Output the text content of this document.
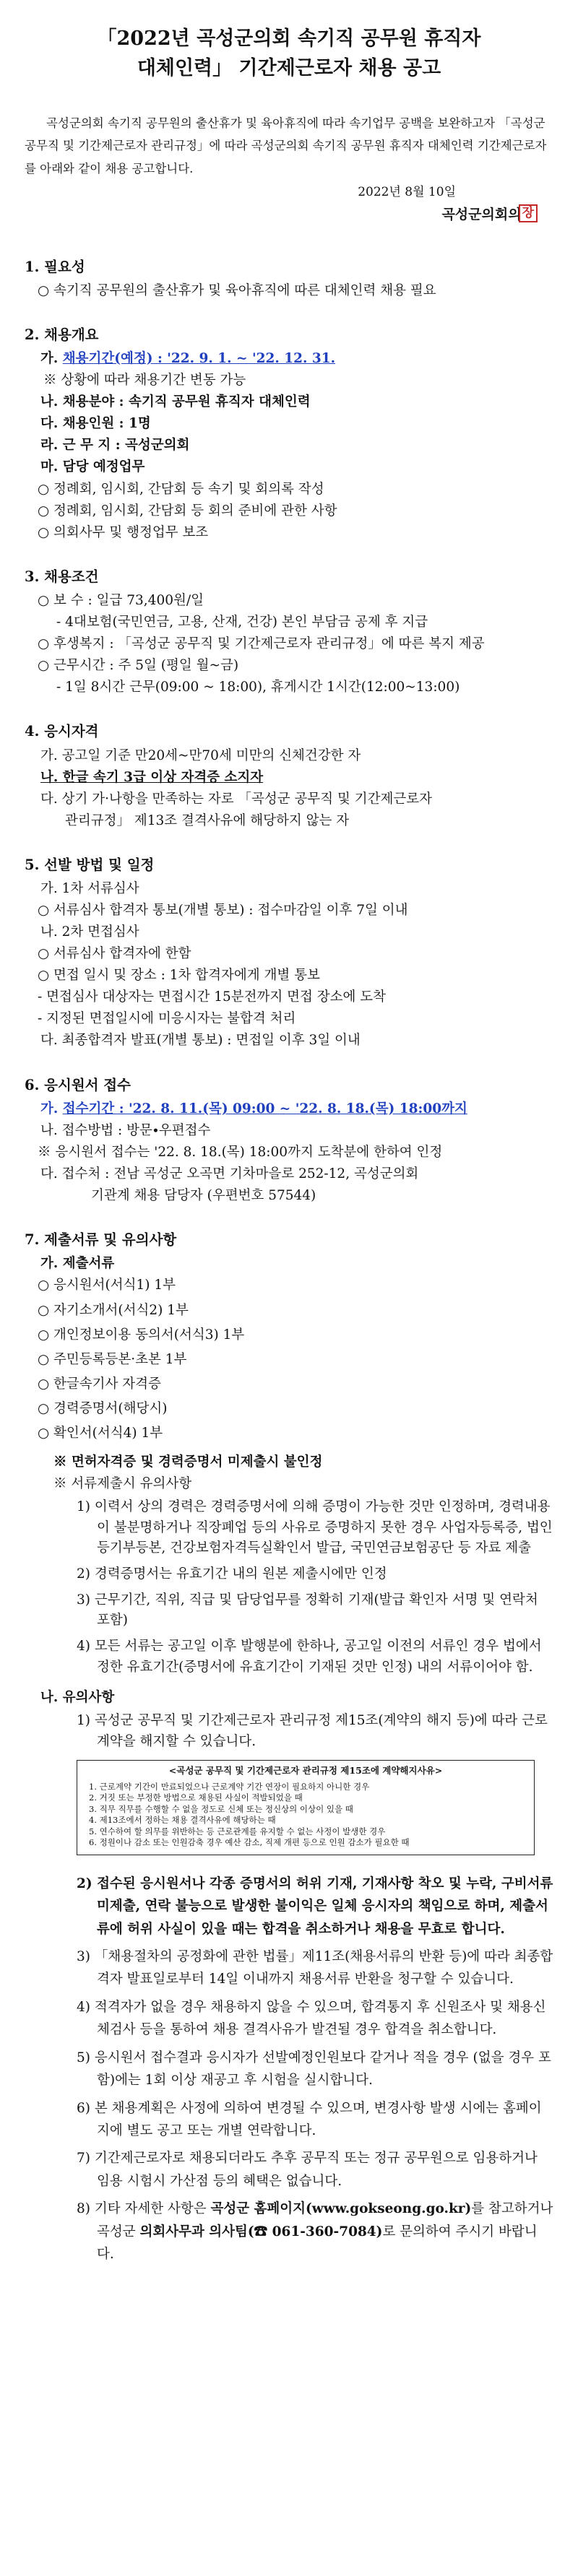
「2022년 곡성군의회 속기직 공무원 휴직자
대체인력」 기간제근로자 채용 공고

곡성군의회 속기직 공무원의 출산휴가 및 육아휴직에 따라 속기업무 공백을 보완하고자 「곡성군 공무직 및 기간제근로자 관리규정」에 따라 곡성군의회 속기직 공무원 휴직자 대체인력 기간제근로자를 아래와 같이 채용 공고합니다.

2022년 8월 10일
곡성군의회의장
1. 필요성
○ 속기직 공무원의 출산휴가 및 육아휴직에 따른 대체인력 채용 필요
2. 채용개요
가. 채용기간(예정) : '22. 9. 1. ~ '22. 12. 31.
※ 상황에 따라 채용기간 변동 가능
나. 채용분야 : 속기직 공무원 휴직자 대체인력
다. 채용인원 : 1명
라. 근 무 지 : 곡성군의회
마. 담당 예정업무
○ 정례회, 임시회, 간담회 등 속기 및 회의록 작성
○ 정례회, 임시회, 간담회 등 회의 준비에 관한 사항
○ 의회사무 및 행정업무 보조
3. 채용조건
○ 보 수 : 일급 73,400원/일
- 4대보험(국민연금, 고용, 산재, 건강) 본인 부담금 공제 후 지급
○ 후생복지 : 「곡성군 공무직 및 기간제근로자 관리규정」에 따른 복지 제공
○ 근무시간 : 주 5일 (평일 월~금)
- 1일 8시간 근무(09:00 ~ 18:00), 휴게시간 1시간(12:00~13:00)
4. 응시자격
가. 공고일 기준 만20세~만70세 미만의 신체건강한 자
나. 한글 속기 3급 이상 자격증 소지자
다. 상기 가·나항을 만족하는 자로 「곡성군 공무직 및 기간제근로자
관리규정」 제13조 결격사유에 해당하지 않는 자
5. 선발 방법 및 일정
가. 1차 서류심사
○ 서류심사 합격자 통보(개별 통보) : 접수마감일 이후 7일 이내
나. 2차 면접심사
○ 서류심사 합격자에 한함
○ 면접 일시 및 장소 : 1차 합격자에게 개별 통보
- 면접심사 대상자는 면접시간 15분전까지 면접 장소에 도착
- 지정된 면접일시에 미응시자는 불합격 처리
다. 최종합격자 발표(개별 통보) : 면접일 이후 3일 이내
6. 응시원서 접수
가. 접수기간 : '22. 8. 11.(목) 09:00 ~ '22. 8. 18.(목) 18:00까지
나. 접수방법 : 방문∙우편접수
※ 응시원서 접수는 '22. 8. 18.(목) 18:00까지 도착분에 한하여 인정
다. 접수처 : 전남 곡성군 오곡면 기차마을로 252-12, 곡성군의회
기관계 채용 담당자 (우편번호 57544)
7. 제출서류 및 유의사항
가. 제출서류
○ 응시원서(서식1) 1부
○ 자기소개서(서식2) 1부
○ 개인정보이용 동의서(서식3) 1부
○ 주민등록등본·초본 1부
○ 한글속기사 자격증
○ 경력증명서(해당시)
○ 확인서(서식4) 1부
※ 면허자격증 및 경력증명서 미제출시 불인정
※ 서류제출시 유의사항
1) 이력서 상의 경력은 경력증명서에 의해 증명이 가능한 것만 인정하며, 경력내용이 불분명하거나 직장폐업 등의 사유로 증명하지 못한 경우 사업자등록증, 법인등기부등본, 건강보험자격득실확인서 발급, 국민연금보험공단 등 자료 제출
2) 경력증명서는 유효기간 내의 원본 제출시에만 인정
3) 근무기간, 직위, 직급 및 담당업무를 정확히 기재(발급 확인자 서명 및 연락처 포함)
4) 모든 서류는 공고일 이후 발행분에 한하나, 공고일 이전의 서류인 경우 법에서 정한 유효기간(증명서에 유효기간이 기재된 것만 인정) 내의 서류이어야 함.
나. 유의사항
1) 곡성군 공무직 및 기간제근로자 관리규정 제15조(계약의 해지 등)에 따라 근로계약을 해지할 수 있습니다.
<곡성군 공무직 및 기간제근로자 관리규정 제15조에 계약해지사유>
1. 근로계약 기간이 만료되었으나 근로계약 기간 연장이 필요하지 아니한 경우
2. 거짓 또는 부정한 방법으로 채용된 사실이 적발되었을 때
3. 직무 직무를 수행할 수 없을 정도로 신체 또는 정신상의 이상이 있을 때
4. 제13조에서 정하는 채용 결격사유에 해당하는 때
5. 연수하여 할 의무를 위반하는 등 근로관계를 유지할 수 없는 사정이 발생한 경우
6. 정원이나 감소 또는 인원감축 경우 예산 감소, 직제 개편 등으로 인원 감소가 필요한 때
2) 접수된 응시원서나 각종 증명서의 허위 기재, 기재사항 착오 및 누락, 구비서류 미제출, 연락 불능으로 발생한 불이익은 일체 응시자의 책임으로 하며, 제출서류에 허위 사실이 있을 때는 합격을 취소하거나 채용을 무효로 합니다.
3) 「채용절차의 공정화에 관한 법률」제11조(채용서류의 반환 등)에 따라 최종합격자 발표일로부터 14일 이내까지 채용서류 반환을 청구할 수 있습니다.
4) 적격자가 없을 경우 채용하지 않을 수 있으며, 합격통지 후 신원조사 및 채용신체검사 등을 통하여 채용 결격사유가 발견될 경우 합격을 취소합니다.
5) 응시원서 접수결과 응시자가 선발예정인원보다 같거나 적을 경우 (없을 경우 포함)에는 1회 이상 재공고 후 시험을 실시합니다.
6) 본 채용계획은 사정에 의하여 변경될 수 있으며, 변경사항 발생 시에는 홈페이지에 별도 공고 또는 개별 연락합니다.
7) 기간제근로자로 채용되더라도 추후 공무직 또는 정규 공무원으로 임용하거나 임용 시험시 가산점 등의 혜택은 없습니다.
8) 기타 자세한 사항은 곡성군 홈페이지(www.gokseong.go.kr)를 참고하거나 곡성군 의회사무과 의사팀(☎ 061-360-7084)로 문의하여 주시기 바랍니다.
